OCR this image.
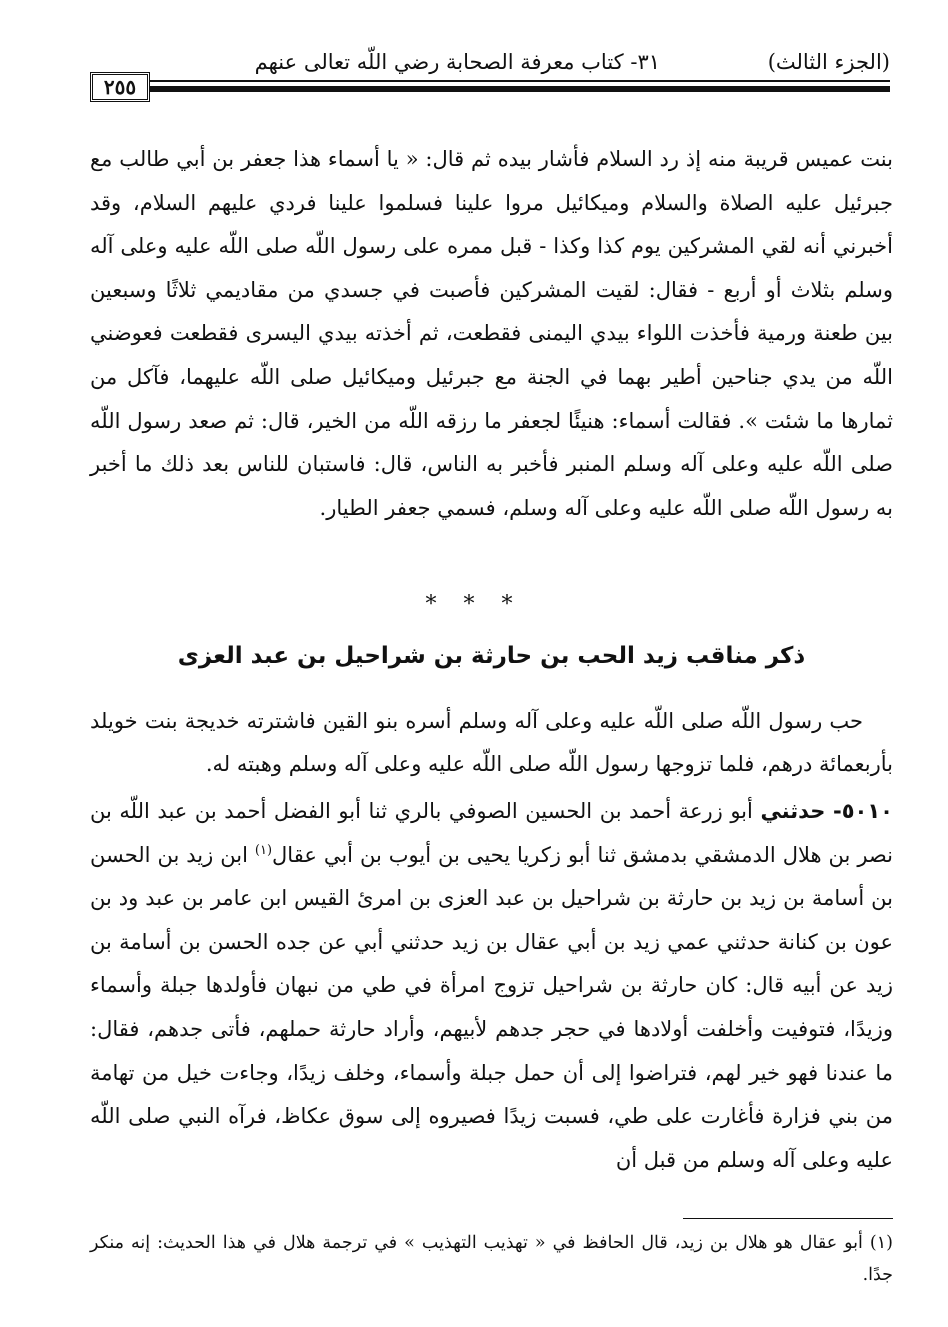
(الجزء الثالث)
٣١- كتاب معرفة الصحابة رضي اللّه تعالى عنهم
٢٥٥

بنت عميس قريبة منه إذ رد السلام فأشار بيده ثم قال: « يا أسماء هذا جعفر بن أبي طالب مع جبرئيل عليه الصلاة والسلام وميكائيل مروا علينا فسلموا علينا فردي عليهم السلام، وقد أخبرني أنه لقي المشركين يوم كذا وكذا - قبل ممره على رسول اللّه صلى اللّه عليه وعلى آله وسلم بثلاث أو أربع - فقال: لقيت المشركين فأصبت في جسدي من مقاديمي ثلاثًا وسبعين بين طعنة ورمية فأخذت اللواء بيدي اليمنى فقطعت، ثم أخذته بيدي اليسرى فقطعت فعوضني اللّه من يدي جناحين أطير بهما في الجنة مع جبرئيل وميكائيل صلى اللّه عليهما، فآكل من ثمارها ما شئت ». فقالت أسماء: هنيئًا لجعفر ما رزقه اللّه من الخير، قال: ثم صعد رسول اللّه صلى اللّه عليه وعلى آله وسلم المنبر فأخبر به الناس، قال: فاستبان للناس بعد ذلك ما أخبر به رسول اللّه صلى اللّه عليه وعلى آله وسلم، فسمي جعفر الطيار.

* * *
ذكر مناقب زيد الحب بن حارثة بن شراحيل بن عبد العزى

حب رسول اللّه صلى اللّه عليه وعلى آله وسلم أسره بنو القين فاشترته خديجة بنت خويلد بأربعمائة درهم، فلما تزوجها رسول اللّه صلى اللّه عليه وعلى آله وسلم وهبته له.

٥٠١٠- حدثني أبو زرعة أحمد بن الحسين الصوفي بالري ثنا أبو الفضل أحمد بن عبد اللّه بن نصر بن هلال الدمشقي بدمشق ثنا أبو زكريا يحيى بن أيوب بن أبي عقال$^{(١)}$ ابن زيد بن الحسن بن أسامة بن زيد بن حارثة بن شراحيل بن عبد العزى بن امرئ القيس ابن عامر بن عبد ود بن عون بن كنانة حدثني عمي زيد بن أبي عقال بن زيد حدثني أبي عن جده الحسن بن أسامة بن زيد عن أبيه قال: كان حارثة بن شراحيل تزوج امرأة في طي من نبهان فأولدها جبلة وأسماء وزيدًا، فتوفيت وأخلفت أولادها في حجر جدهم لأبيهم، وأراد حارثة حملهم، فأتى جدهم، فقال: ما عندنا فهو خير لهم، فتراضوا إلى أن حمل جبلة وأسماء، وخلف زيدًا، وجاءت خيل من تهامة من بني فزارة فأغارت على طي، فسبت زيدًا فصيروه إلى سوق عكاظ، فرآه النبي صلى اللّه عليه وعلى آله وسلم من قبل أن

(١) أبو عقال هو هلال بن زيد، قال الحافظ في « تهذيب التهذيب » في ترجمة هلال في هذا الحديث: إنه منكر جدًا.
